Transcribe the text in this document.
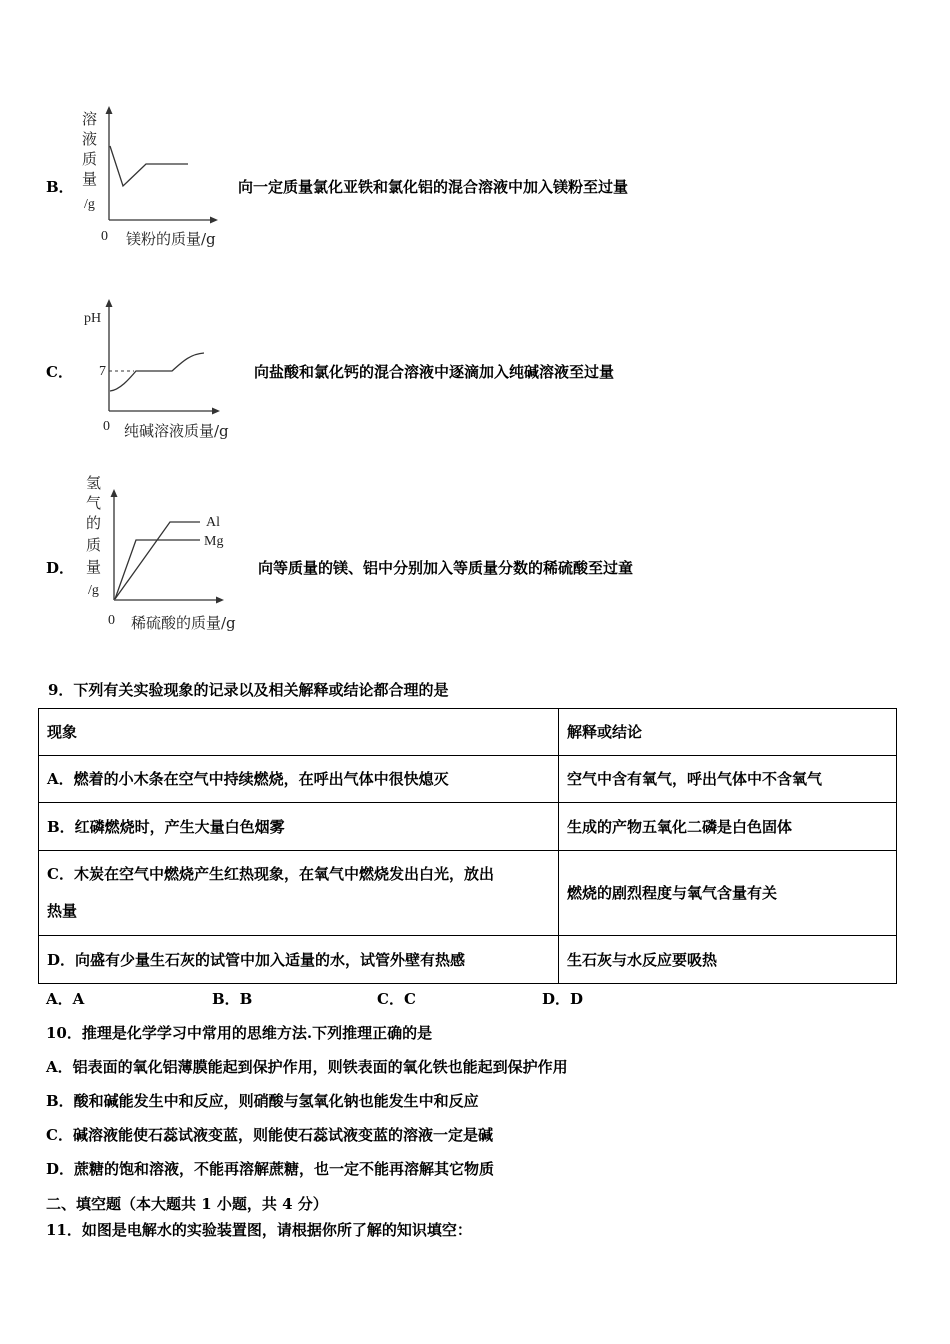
B．
溶
液
质
量
/g
0 镁粉的质量/g
向一定质量氯化亚铁和氯化铝的混合溶液中加入镁粉至过量
C．
pH
7
0 纯碱溶液质量/g
向盐酸和氯化钙的混合溶液中逐滴加入纯碱溶液至过量
D．
氢
气
的
质
量
/g
Al
Mg
0 稀硫酸的质量/g
向等质量的镁、铝中分别加入等质量分数的稀硫酸至过童
9．下列有关实验现象的记录以及相关解释或结论都合理的是
现象	解释或结论
A．燃着的小木条在空气中持续燃烧，在呼出气体中很快熄灭	空气中含有氧气，呼出气体中不含氧气
B．红磷燃烧时，产生大量白色烟雾	生成的产物五氧化二磷是白色固体

C．木炭在空气中燃烧产生红热现象，在氧气中燃烧发出白光，放出
热量	燃烧的剧烈程度与氧气含量有关
D．向盛有少量生石灰的试管中加入适量的水，试管外壁有热感	生石灰与水反应要吸热
A．A	B．B	C．C	D．D
10．推理是化学学习中常用的思维方法.下列推理正确的是
A．铝表面的氧化铝薄膜能起到保护作用，则铁表面的氧化铁也能起到保护作用
B．酸和碱能发生中和反应，则硝酸与氢氧化钠也能发生中和反应
C．碱溶液能使石蕊试液变蓝，则能使石蕊试液变蓝的溶液一定是碱
D．蔗糖的饱和溶液，不能再溶解蔗糖，也一定不能再溶解其它物质
二、填空题（本大题共 1 小题，共 4 分）
11．如图是电解水的实验装置图，请根据你所了解的知识填空：
